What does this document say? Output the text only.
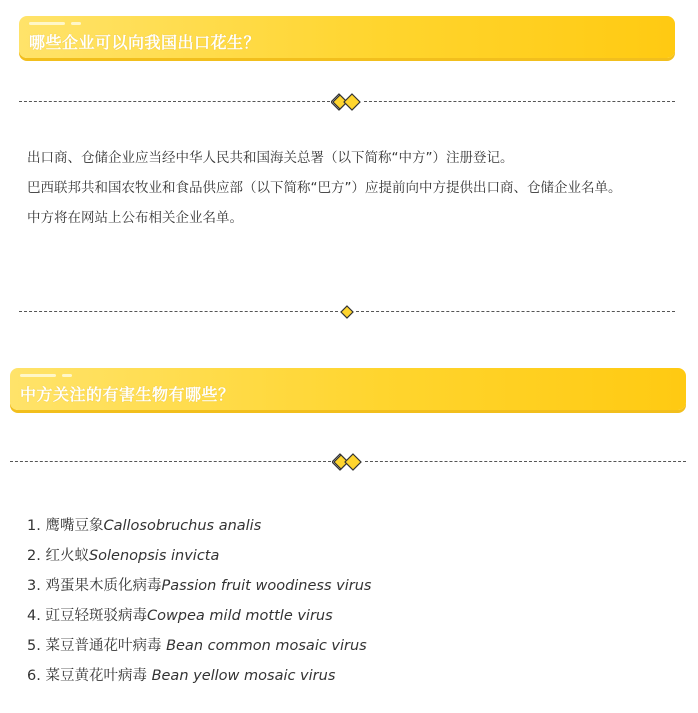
哪些企业可以向我国出口花生？

出口商、仓储企业应当经中华人民共和国海关总署（以下简称“中方”）注册登记。

巴西联邦共和国农牧业和食品供应部（以下简称“巴方”）应提前向中方提供出口商、仓储企业名单。

中方将在网站上公布相关企业名单。

中方关注的有害生物有哪些？
1. 鹰嘴豆象Callosobruchus analis
2. 红火蚁Solenopsis invicta
3. 鸡蛋果木质化病毒Passion fruit woodiness virus
4. 豇豆轻斑驳病毒Cowpea mild mottle virus
5. 菜豆普通花叶病毒 Bean common mosaic virus
6. 菜豆黄花叶病毒 Bean yellow mosaic virus
